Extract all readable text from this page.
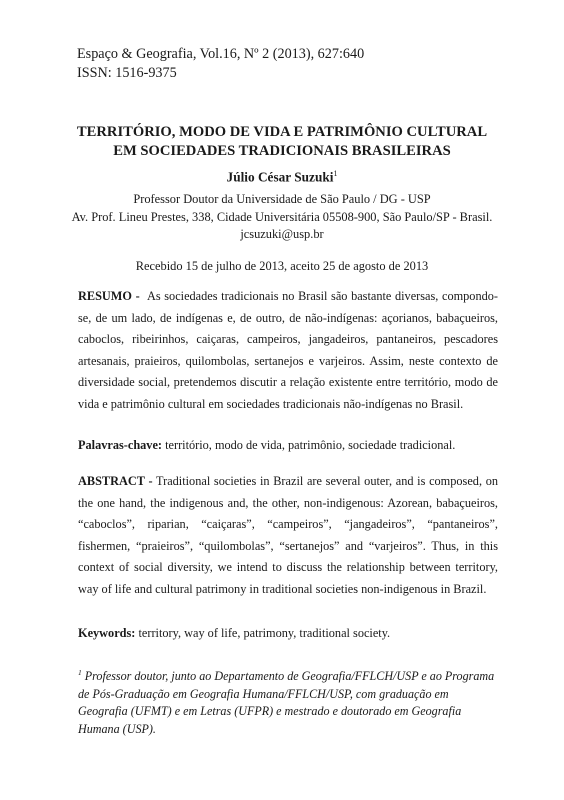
Espaço & Geografia, Vol.16, Nº 2 (2013), 627:640
ISSN: 1516-9375
TERRITÓRIO, MODO DE VIDA E PATRIMÔNIO CULTURAL
EM SOCIEDADES TRADICIONAIS BRASILEIRAS
Júlio César Suzuki$^1$
Professor Doutor da Universidade de São Paulo / DG - USP
Av. Prof. Lineu Prestes, 338, Cidade Universitária 05508-900, São Paulo/SP - Brasil.
jcsuzuki@usp.br
Recebido 15 de julho de 2013, aceito 25 de agosto de 2013
RESUMO - As sociedades tradicionais no Brasil são bastante diversas, compondo-se, de um lado, de indígenas e, de outro, de não-indígenas: açorianos, babaçueiros, caboclos, ribeirinhos, caiçaras, campeiros, jangadeiros, pantaneiros, pescadores artesanais, praieiros, quilombolas, sertanejos e varjeiros. Assim, neste contexto de diversidade social, pretendemos discutir a relação existente entre território, modo de vida e patrimônio cultural em sociedades tradicionais não-indígenas no Brasil.
Palavras-chave: território, modo de vida, patrimônio, sociedade tradicional.
ABSTRACT - Traditional societies in Brazil are several outer, and is composed, on the one hand, the indigenous and, the other, non-indigenous: Azorean, babaçueiros, “caboclos”, riparian, “caiçaras”, “campeiros”, “jangadeiros”, “pantaneiros”, fishermen, “praieiros”, “quilombolas”, “sertanejos” and “varjeiros”. Thus, in this context of social diversity, we intend to discuss the relationship between territory, way of life and cultural patrimony in traditional societies non-indigenous in Brazil.
Keywords: territory, way of life, patrimony, traditional society.
$^1$ Professor doutor, junto ao Departamento de Geografia/FFLCH/USP e ao Programa de Pós-Graduação em Geografia Humana/FFLCH/USP, com graduação em Geografia (UFMT) e em Letras (UFPR) e mestrado e doutorado em Geografia Humana (USP).
